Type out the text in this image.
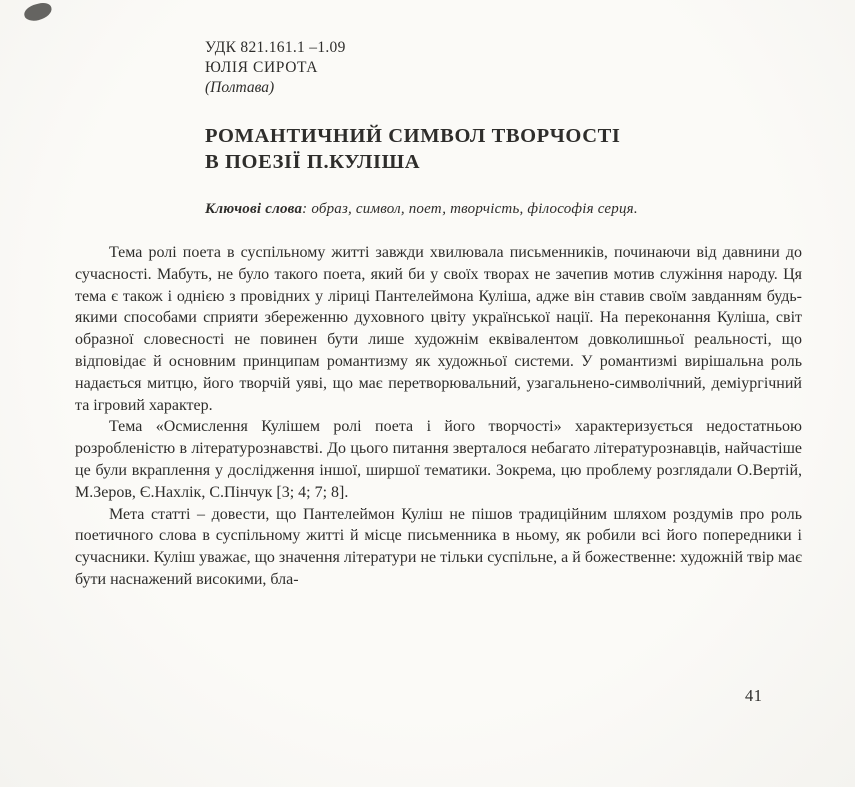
УДК 821.161.1 –1.09
ЮЛІЯ СИРОТА
(Полтава)
РОМАНТИЧНИЙ СИМВОЛ ТВОРЧОСТІ
В ПОЕЗІЇ П.КУЛІША

Ключові слова: образ, символ, поет, творчість, філософія серця.

Тема ролі поета в суспільному житті завжди хвилювала письменників, починаючи від давнини до сучасності. Мабуть, не було такого поета, який би у своїх творах не зачепив мотив служіння народу. Ця тема є також і однією з провідних у ліриці Пантелеймона Куліша, адже він ставив своїм завданням будь-якими способами сприяти збереженню духовного цвіту української нації. На переконання Куліша, світ образної словесності не повинен бути лише художнім еквівалентом довколишньої реальності, що відповідає й основним принципам романтизму як художньої системи. У романтизмі вирішальна роль надається митцю, його творчій уяві, що має перетворювальний, узагальнено-символічний, деміургічний та ігровий характер.

Тема «Осмислення Кулішем ролі поета і його творчості» характеризується недостатньою розробленістю в літературознавстві. До цього питання зверталося небагато літературознавців, найчастіше це були вкраплення у дослідження іншої, ширшої тематики. Зокрема, цю проблему розглядали О.Вертій, М.Зеров, Є.Нахлік, С.Пінчук [3; 4; 7; 8].

Мета статті – довести, що Пантелеймон Куліш не пішов традиційним шляхом роздумів про роль поетичного слова в суспільному житті й місце письменника в ньому, як робили всі його попередники і сучасники. Куліш уважає, що значення літератури не тільки суспільне, а й божественне: художній твір має бути наснажений високими, бла-

41
